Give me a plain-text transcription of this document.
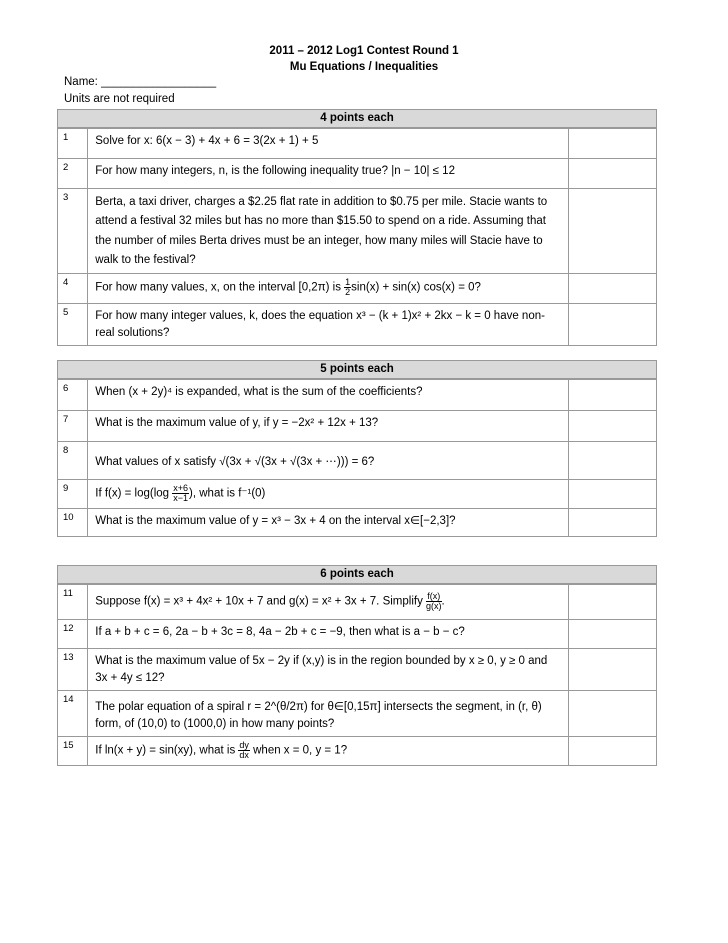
2011 – 2012 Log1 Contest Round 1
Mu Equations / Inequalities
Name: __________________
Units are not required
4 points each		
1	Solve for x: 6(x − 3) + 4x + 6 = 3(2x + 1) + 5	
2	For how many integers, n, is the following inequality true? |n − 10| ≤ 12	
3	Berta, a taxi driver, charges a $2.25 flat rate in addition to $0.75 per mile. Stacie wants to attend a festival 32 miles but has no more than $15.50 to spend on a ride. Assuming that the number of miles Berta drives must be an integer, how many miles will Stacie have to walk to the festival?	
4	For how many values, x, on the interval [0,2π) is $\frac{1}{2} \sin(x) + \sin(x) \cos(x) = 0$?	
5	For how many integer values, k, does the equation x³ − (k + 1)x² + 2kx − k = 0 have non-real solutions?	
5 points each		
6	When (x + 2y)⁴ is expanded, what is the sum of the coefficients?	
7	What is the maximum value of y, if y = −2x² + 12x + 13?	
8	What values of x satisfy √(3x + √(3x + √(3x + ⋯))) = 6?	
9	If $f(x) = \log(\log \frac{x+6}{x-1}$ ), what is f⁻¹(0)	
10	What is the maximum value of y = x³ − 3x + 4 on the interval x∈[−2,3]?	
6 points each		
11	Suppose f(x) = x³ + 4x² + 10x + 7 and g(x) = x² + 3x + 7. Simplify $\frac{f(x)}{g(x)}$ .	
12	If a + b + c = 6, 2a − b + 3c = 8, 4a − 2b + c = −9, then what is a − b − c?	
13	What is the maximum value of 5x − 2y if (x,y) is in the region bounded by x ≥ 0, y ≥ 0 and 3x + 4y ≤ 12?	
14	The polar equation of a spiral r = 2^(θ/2π) for θ∈[0,15π] intersects the segment, in (r, θ) form, of (10,0) to (1000,0) in how many points?	
15	If ln(x + y) = sin(xy), what is $\frac{dy}{dx}$ when x = 0, y = 1?	
